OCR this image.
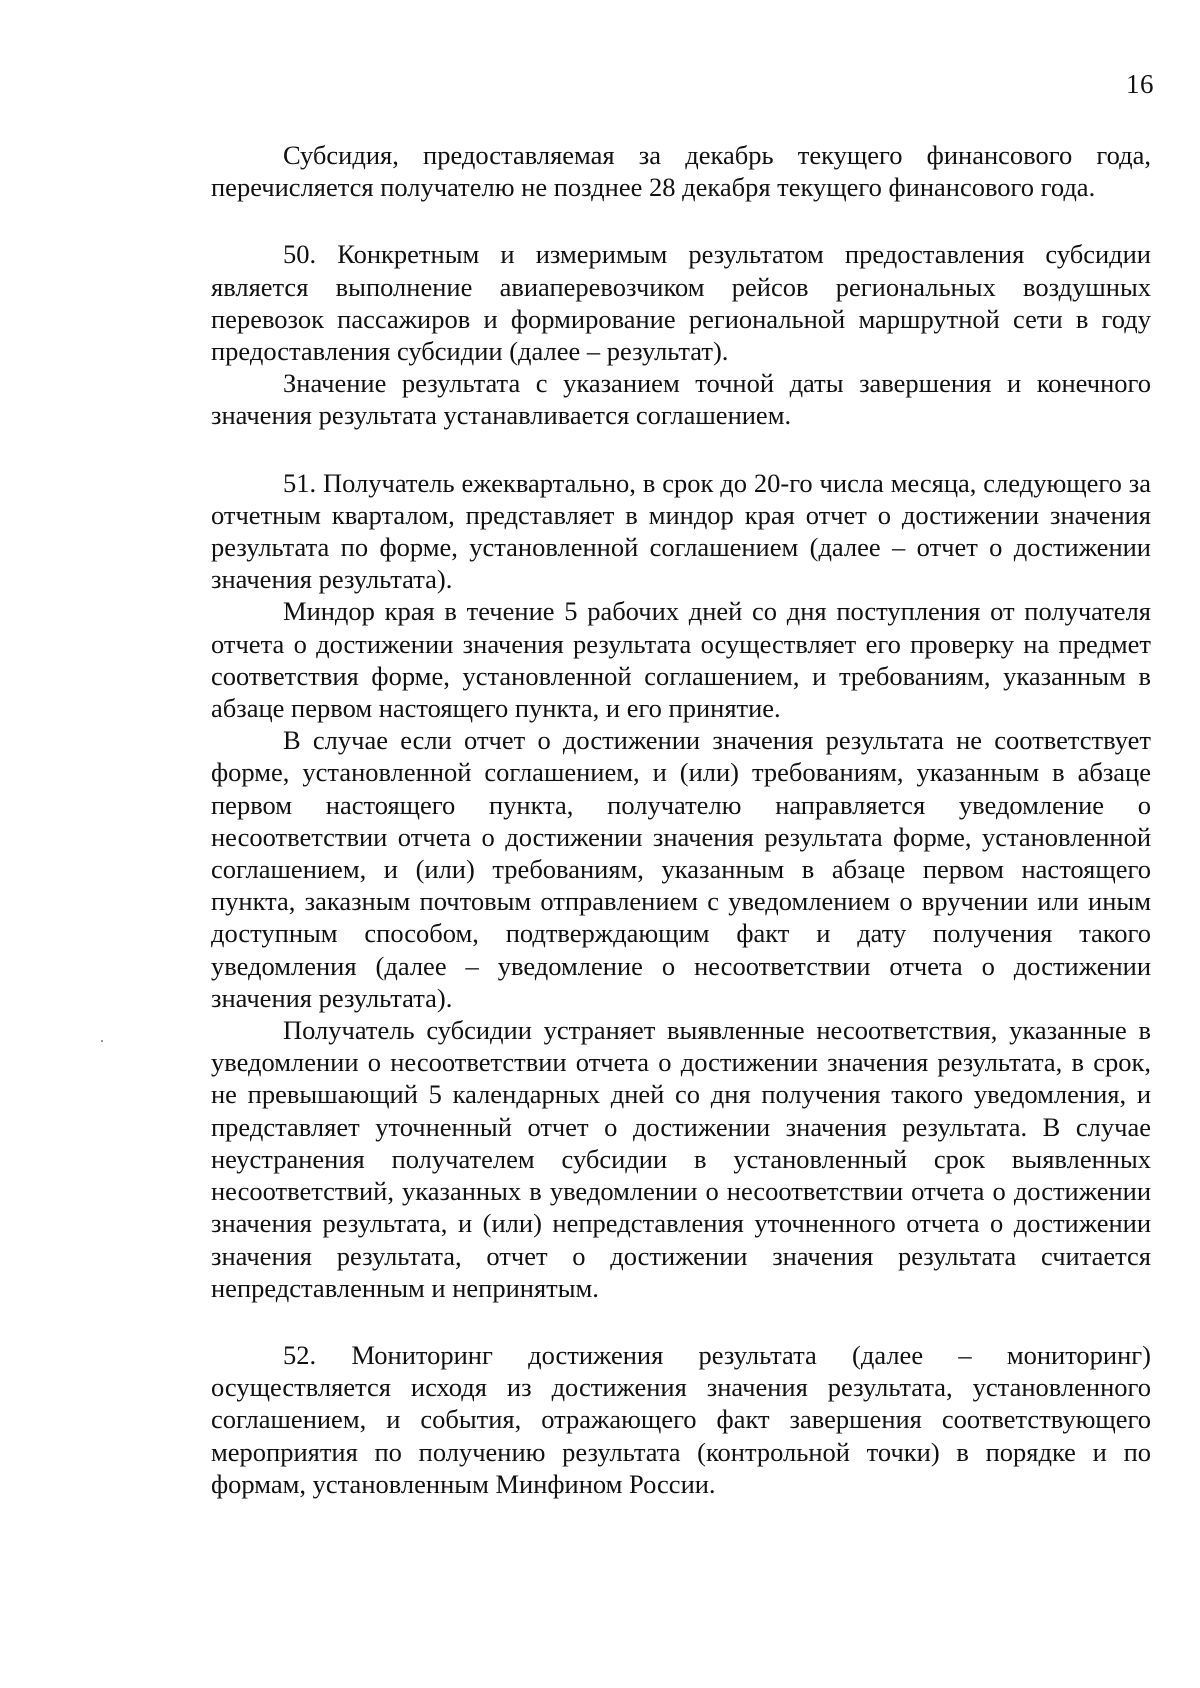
16

Субсидия, предоставляемая за декабрь текущего финансового года, перечисляется получателю не позднее 28 декабря текущего финансового года.

50. Конкретным и измеримым результатом предоставления субсидии является выполнение авиаперевозчиком рейсов региональных воздушных перевозок пассажиров и формирование региональной маршрутной сети в году предоставления субсидии (далее – результат).

Значение результата с указанием точной даты завершения и конечного значения результата устанавливается соглашением.

51. Получатель ежеквартально, в срок до 20-го числа месяца, следующего за отчетным кварталом, представляет в миндор края отчет о достижении значения результата по форме, установленной соглашением (далее – отчет о достижении значения результата).

Миндор края в течение 5 рабочих дней со дня поступления от получателя отчета о достижении значения результата осуществляет его проверку на предмет соответствия форме, установленной соглашением, и требованиям, указанным в абзаце первом настоящего пункта, и его принятие.

В случае если отчет о достижении значения результата не соответствует форме, установленной соглашением, и (или) требованиям, указанным в абзаце первом настоящего пункта, получателю направляется уведомление о несоответствии отчета о достижении значения результата форме, установленной соглашением, и (или) требованиям, указанным в абзаце первом настоящего пункта, заказным почтовым отправлением с уведомлением о вручении или иным доступным способом, подтверждающим факт и дату получения такого уведомления (далее – уведомление о несоответствии отчета о достижении значения результата).

Получатель субсидии устраняет выявленные несоответствия, указанные в уведомлении о несоответствии отчета о достижении значения результата, в срок, не превышающий 5 календарных дней со дня получения такого уведомления, и представляет уточненный отчет о достижении значения результата. В случае неустранения получателем субсидии в установленный срок выявленных несоответствий, указанных в уведомлении о несоответствии отчета о достижении значения результата, и (или) непредставления уточненного отчета о достижении значения результата, отчет о достижении значения результата считается непредставленным и непринятым.

52. Мониторинг достижения результата (далее – мониторинг) осуществляется исходя из достижения значения результата, установленного соглашением, и события, отражающего факт завершения соответствующего мероприятия по получению результата (контрольной точки) в порядке и по формам, установленным Минфином России.
